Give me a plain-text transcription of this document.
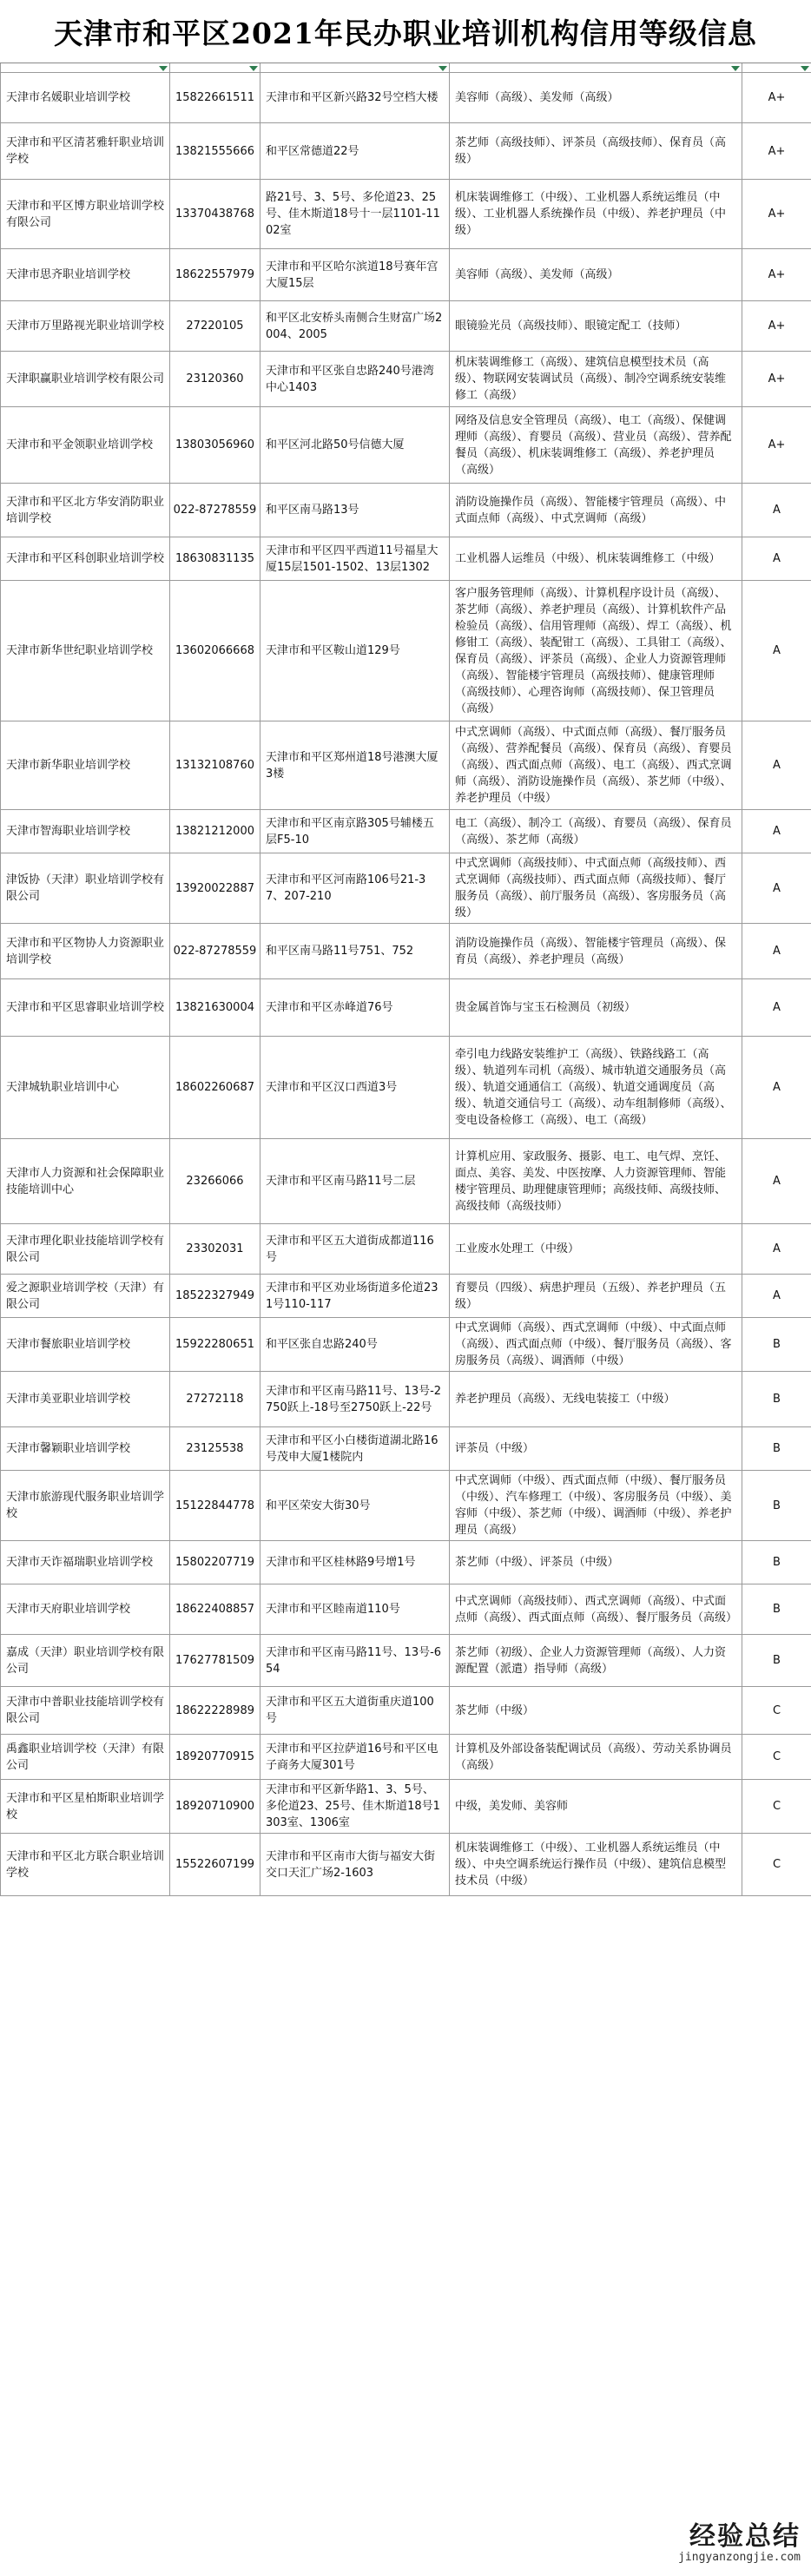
天津市和平区2021年民办职业培训机构信用等级信息

天津市名媛职业培训学校	15822661511	天津市和平区新兴路32号空档大楼	美容师（高级）、美发师（高级）	A+
天津市和平区清茗雅轩职业培训学校	13821555666	和平区常德道22号	茶艺师（高级技师）、评茶员（高级技师）、保育员（高级）	A+
天津市和平区博方职业培训学校有限公司	13370438768	路21号、3、5号、多伦道23、25号、佳木斯道18号十一层1101-1102室	机床装调维修工（中级）、工业机器人系统运维员（中级）、工业机器人系统操作员（中级）、养老护理员（中级）	A+
天津市思齐职业培训学校	18622557979	天津市和平区哈尔滨道18号赛年宫大厦15层	美容师（高级）、美发师（高级）	A+
天津市万里路视光职业培训学校	27220105	和平区北安桥头南侧合生财富广场2004、2005	眼镜验光员（高级技师）、眼镜定配工（技师）	A+
天津职赢职业培训学校有限公司	23120360	天津市和平区张自忠路240号港湾中心1403	机床装调维修工（高级）、建筑信息模型技术员（高级）、物联网安装调试员（高级）、制冷空调系统安装维修工（高级）	A+
天津市和平金领职业培训学校	13803056960	和平区河北路50号信德大厦	网络及信息安全管理员（高级）、电工（高级）、保健调理师（高级）、育婴员（高级）、营业员（高级）、营养配餐员（高级）、机床装调维修工（高级）、养老护理员（高级）	A+
天津市和平区北方华安消防职业培训学校	022-87278559	和平区南马路13号	消防设施操作员（高级）、智能楼宇管理员（高级）、中式面点师（高级）、中式烹调师（高级）	A
天津市和平区科创职业培训学校	18630831135	天津市和平区四平西道11号福星大厦15层1501-1502、13层1302	工业机器人运维员（中级）、机床装调维修工（中级）	A
天津市新华世纪职业培训学校	13602066668	天津市和平区鞍山道129号	客户服务管理师（高级）、计算机程序设计员（高级）、茶艺师（高级）、养老护理员（高级）、计算机软件产品检验员（高级）、信用管理师（高级）、焊工（高级）、机修钳工（高级）、装配钳工（高级）、工具钳工（高级）、保育员（高级）、评茶员（高级）、企业人力资源管理师（高级）、智能楼宇管理员（高级技师）、健康管理师（高级技师）、心理咨询师（高级技师）、保卫管理员（高级）	A
天津市新华职业培训学校	13132108760	天津市和平区郑州道18号港澳大厦3楼	中式烹调师（高级）、中式面点师（高级）、餐厅服务员（高级）、营养配餐员（高级）、保育员（高级）、育婴员（高级）、西式面点师（高级）、电工（高级）、西式烹调师（高级）、消防设施操作员（高级）、茶艺师（中级）、养老护理员（中级）	A
天津市智海职业培训学校	13821212000	天津市和平区南京路305号辅楼五层F5-10	电工（高级）、制冷工（高级）、育婴员（高级）、保育员（高级）、茶艺师（高级）	A
津饭协（天津）职业培训学校有限公司	13920022887	天津市和平区河南路106号21-37、207-210	中式烹调师（高级技师）、中式面点师（高级技师）、西式烹调师（高级技师）、西式面点师（高级技师）、餐厅服务员（高级）、前厅服务员（高级）、客房服务员（高级）	A
天津市和平区物协人力资源职业培训学校	022-87278559	和平区南马路11号751、752	消防设施操作员（高级）、智能楼宇管理员（高级）、保育员（高级）、养老护理员（高级）	A
天津市和平区思睿职业培训学校	13821630004	天津市和平区赤峰道76号	贵金属首饰与宝玉石检测员（初级）	A
天津城轨职业培训中心	18602260687	天津市和平区汉口西道3号	牵引电力线路安装维护工（高级）、铁路线路工（高级）、轨道列车司机（高级）、城市轨道交通服务员（高级）、轨道交通通信工（高级）、轨道交通调度员（高级）、轨道交通信号工（高级）、动车组制修师（高级）、变电设备检修工（高级）、电工（高级）	A
天津市人力资源和社会保障职业技能培训中心	23266066	天津市和平区南马路11号二层	计算机应用、家政服务、摄影、电工、电气焊、烹饪、面点、美容、美发、中医按摩、人力资源管理师、智能楼宇管理员、助理健康管理师；高级技师、高级技师、高级技师（高级技师）	A
天津市理化职业技能培训学校有限公司	23302031	天津市和平区五大道街成都道116号	工业废水处理工（中级）	A
爱之源职业培训学校（天津）有限公司	18522327949	天津市和平区劝业场街道多伦道231号110-117	育婴员（四级）、病患护理员（五级）、养老护理员（五级）	A
天津市餐旅职业培训学校	15922280651	和平区张自忠路240号	中式烹调师（高级）、西式烹调师（中级）、中式面点师（高级）、西式面点师（中级）、餐厅服务员（高级）、客房服务员（高级）、调酒师（中级）	B
天津市美亚职业培训学校	27272118	天津市和平区南马路11号、13号-2750跃上-18号至2750跃上-22号	养老护理员（高级）、无线电装接工（中级）	B
天津市馨颖职业培训学校	23125538	天津市和平区小白楼街道湖北路16号茂申大厦1楼院内	评茶员（中级）	B
天津市旅游现代服务职业培训学校	15122844778	和平区荣安大街30号	中式烹调师（中级）、西式面点师（中级）、餐厅服务员（中级）、汽车修理工（中级）、客房服务员（中级）、美容师（中级）、茶艺师（中级）、调酒师（中级）、养老护理员（高级）	B
天津市天诈福瑞职业培训学校	15802207719	天津市和平区桂林路9号增1号	茶艺师（中级）、评茶员（中级）	B
天津市天府职业培训学校	18622408857	天津市和平区睦南道110号	中式烹调师（高级技师）、西式烹调师（高级）、中式面点师（高级）、西式面点师（高级）、餐厅服务员（高级）	B
嘉成（天津）职业培训学校有限公司	17627781509	天津市和平区南马路11号、13号-654	茶艺师（初级）、企业人力资源管理师（高级）、人力资源配置（派遣）指导师（高级）	B
天津市中普职业技能培训学校有限公司	18622228989	天津市和平区五大道街重庆道100号	茶艺师（中级）	C
禹鑫职业培训学校（天津）有限公司	18920770915	天津市和平区拉萨道16号和平区电子商务大厦301号	计算机及外部设备装配调试员（高级）、劳动关系协调员（高级）	C
天津市和平区星柏斯职业培训学校	18920710900	天津市和平区新华路1、3、5号、多伦道23、25号、佳木斯道18号1303室、1306室	中级，美发师、美容师	C
天津市和平区北方联合职业培训学校	15522607199	天津市和平区南市大街与福安大街交口天汇广场2-1603	机床装调维修工（中级）、工业机器人系统运维员（中级）、中央空调系统运行操作员（中级）、建筑信息模型技术员（中级）	C
经验总结
jingyanzongjie.com
